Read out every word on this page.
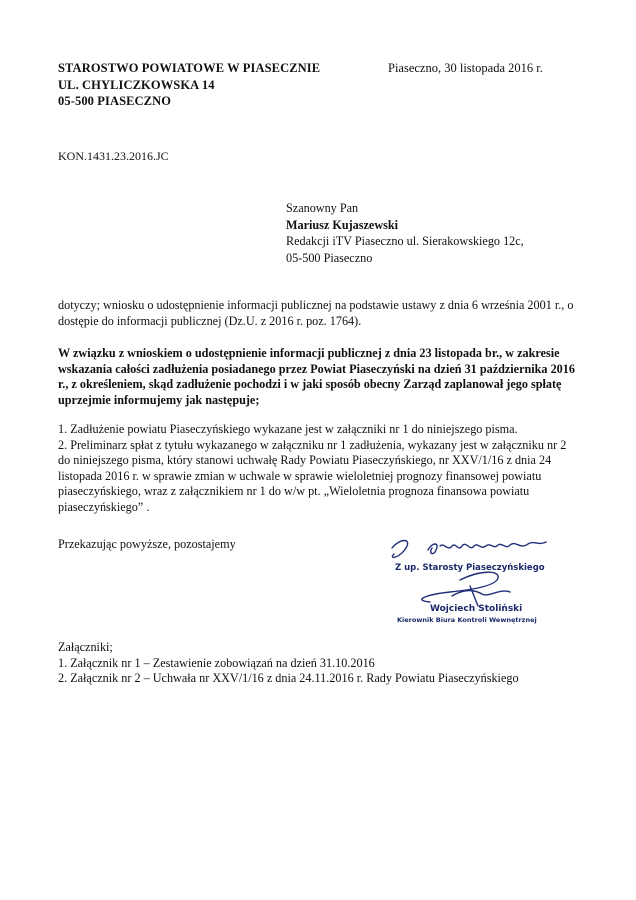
STAROSTWO POWIATOWE W PIASECZNIE
UL. CHYLICZKOWSKA 14
05-500 PIASECZNO
Piaseczno, 30 listopada 2016 r.
KON.1431.23.2016.JC
Szanowny Pan
Mariusz Kujaszewski
Redakcji iTV Piaseczno ul. Sierakowskiego 12c,
05-500 Piaseczno
dotyczy; wniosku o udostępnienie informacji publicznej na podstawie ustawy z dnia 6 września 2001 r., o dostępie do informacji publicznej (Dz.U. z 2016 r. poz. 1764).
W związku z wnioskiem o udostępnienie informacji publicznej z dnia 23 listopada br., w zakresie wskazania całości zadłużenia posiadanego przez Powiat Piaseczyński na dzień 31 października 2016 r., z określeniem, skąd zadłużenie pochodzi i w jaki sposób obecny Zarząd zaplanował jego spłatę uprzejmie informujemy jak następuje;

1. Zadłużenie powiatu Piaseczyńskiego wykazane jest w załączniki nr 1 do niniejszego pisma.

2. Preliminarz spłat z tytułu wykazanego w załączniku nr 1 zadłużenia, wykazany jest w załączniku nr 2 do niniejszego pisma, który stanowi uchwałę Rady Powiatu Piaseczyńskiego, nr XXV/1/16 z dnia 24 listopada 2016 r. w sprawie zmian w uchwale w sprawie wieloletniej prognozy finansowej powiatu piaseczyńskiego, wraz z załącznikiem nr 1 do w/w pt. „Wieloletnia prognoza finansowa powiatu piaseczyńskiego” .

Przekazując powyższe, pozostajemy
Z up. Starosty Piaseczyńskiego
Wojciech Stoliński
Kierownik Biura Kontroli Wewnętrznej
Załączniki;
1. Załącznik nr 1 – Zestawienie zobowiązań na dzień 31.10.2016
2. Załącznik nr 2 – Uchwała nr XXV/1/16 z dnia 24.11.2016 r. Rady Powiatu Piaseczyńskiego
